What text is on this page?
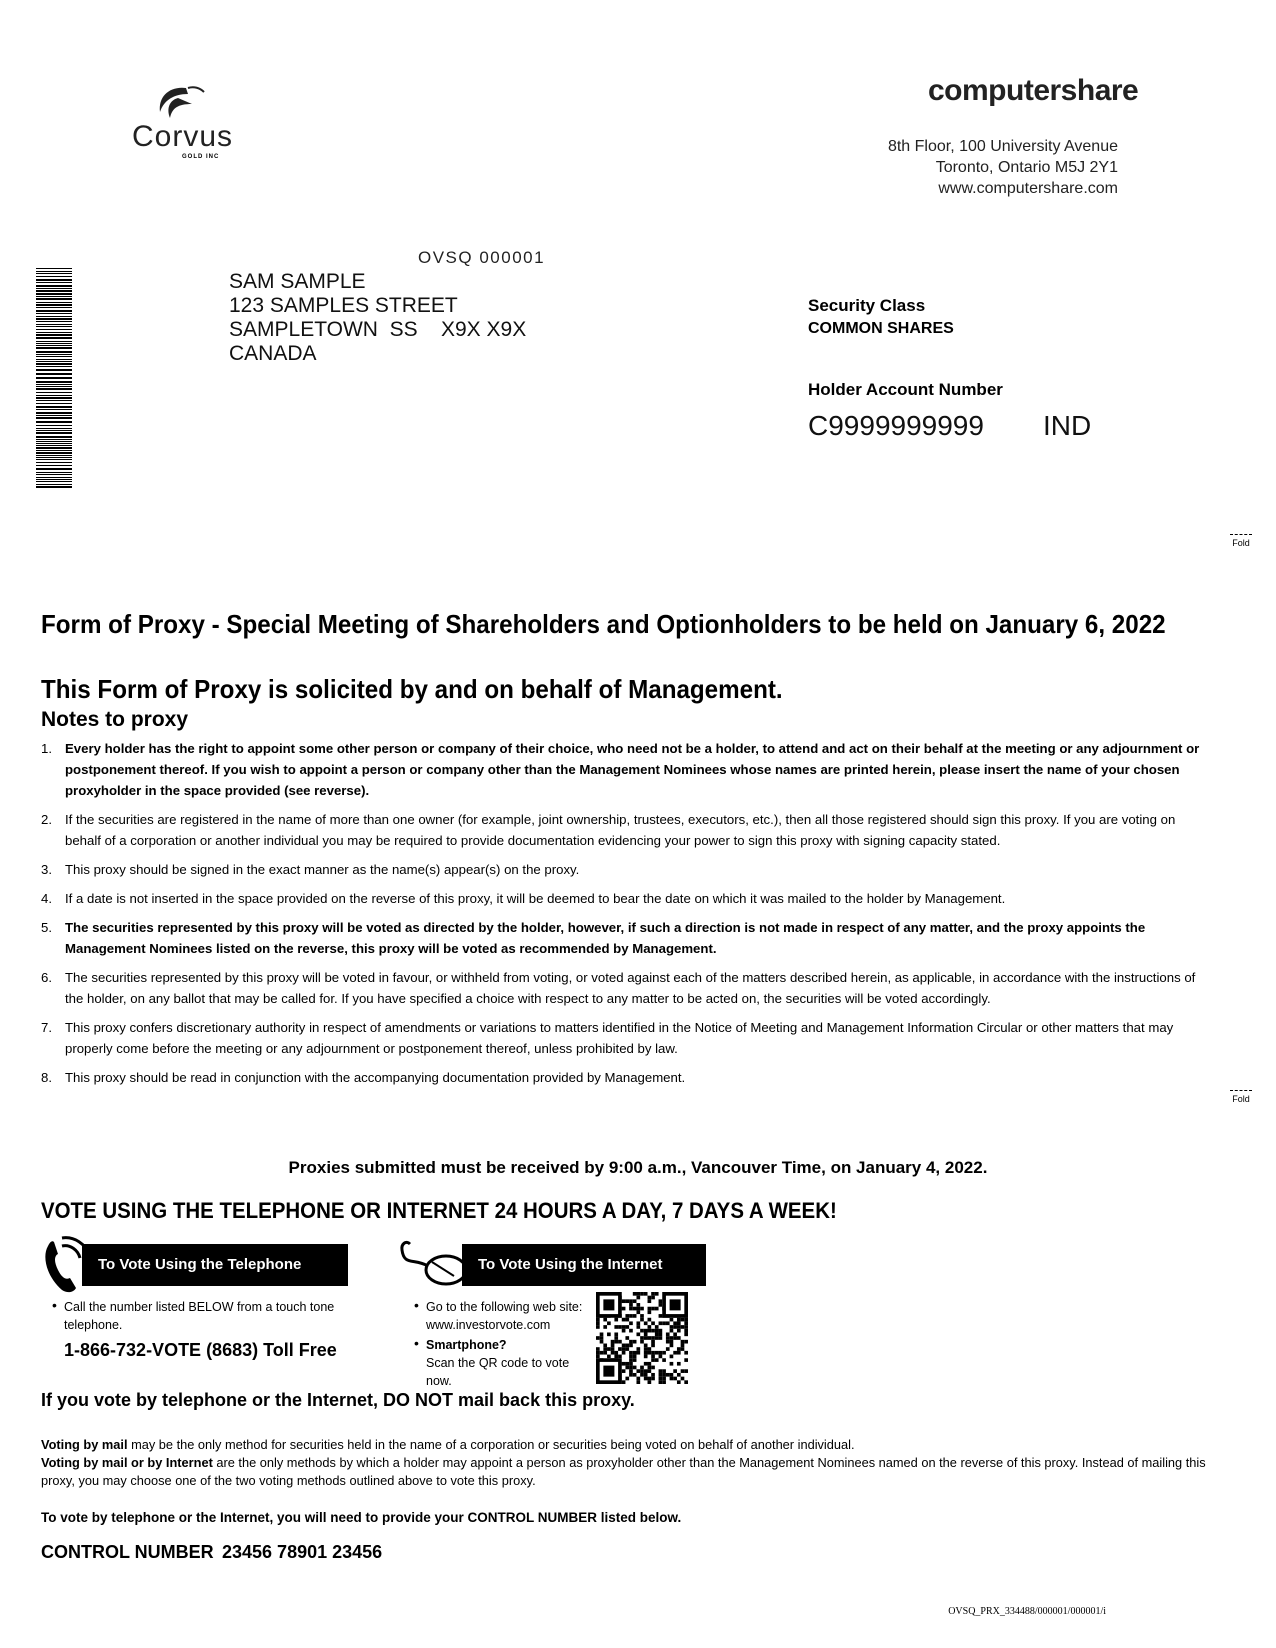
Corvus
GOLD INC
computershare
8th Floor, 100 University Avenue
Toronto, Ontario M5J 2Y1
www.computershare.com
OVSQ 000001
SAM SAMPLE
123 SAMPLES STREET
SAMPLETOWN  SS    X9X X9X
CANADA
Security Class
COMMON SHARES
Holder Account Number
C9999999999 IND
Fold
Fold
Form of Proxy - Special Meeting of Shareholders and Optionholders to be held on January 6, 2022
This Form of Proxy is solicited by and on behalf of Management.
Notes to proxy
1. Every holder has the right to appoint some other person or company of their choice, who need not be a holder, to attend and act on their behalf at the meeting or any adjournment or postponement thereof. If you wish to appoint a person or company other than the Management Nominees whose names are printed herein, please insert the name of your chosen proxyholder in the space provided (see reverse).
2. If the securities are registered in the name of more than one owner (for example, joint ownership, trustees, executors, etc.), then all those registered should sign this proxy. If you are voting on behalf of a corporation or another individual you may be required to provide documentation evidencing your power to sign this proxy with signing capacity stated.
3. This proxy should be signed in the exact manner as the name(s) appear(s) on the proxy.
4. If a date is not inserted in the space provided on the reverse of this proxy, it will be deemed to bear the date on which it was mailed to the holder by Management.
5. The securities represented by this proxy will be voted as directed by the holder, however, if such a direction is not made in respect of any matter, and the proxy appoints the Management Nominees listed on the reverse, this proxy will be voted as recommended by Management.
6. The securities represented by this proxy will be voted in favour, or withheld from voting, or voted against each of the matters described herein, as applicable, in accordance with the instructions of the holder, on any ballot that may be called for. If you have specified a choice with respect to any matter to be acted on, the securities will be voted accordingly.
7. This proxy confers discretionary authority in respect of amendments or variations to matters identified in the Notice of Meeting and Management Information Circular or other matters that may properly come before the meeting or any adjournment or postponement thereof, unless prohibited by law.
8. This proxy should be read in conjunction with the accompanying documentation provided by Management.
Proxies submitted must be received by 9:00 a.m., Vancouver Time, on January 4, 2022.
VOTE USING THE TELEPHONE OR INTERNET 24 HOURS A DAY, 7 DAYS A WEEK!
To Vote Using the Telephone
• Call the number listed BELOW from a touch tone telephone.
1-866-732-VOTE (8683) Toll Free
To Vote Using the Internet
• Go to the following web site:
www.investorvote.com
• Smartphone?
Scan the QR code to vote now.
If you vote by telephone or the Internet, DO NOT mail back this proxy.
Voting by mail may be the only method for securities held in the name of a corporation or securities being voted on behalf of another individual.
Voting by mail or by Internet are the only methods by which a holder may appoint a person as proxyholder other than the Management Nominees named on the reverse of this proxy. Instead of mailing this proxy, you may choose one of the two voting methods outlined above to vote this proxy.
To vote by telephone or the Internet, you will need to provide your CONTROL NUMBER listed below.
CONTROL NUMBER 23456 78901 23456
OVSQ_PRX_334488/000001/000001/i
